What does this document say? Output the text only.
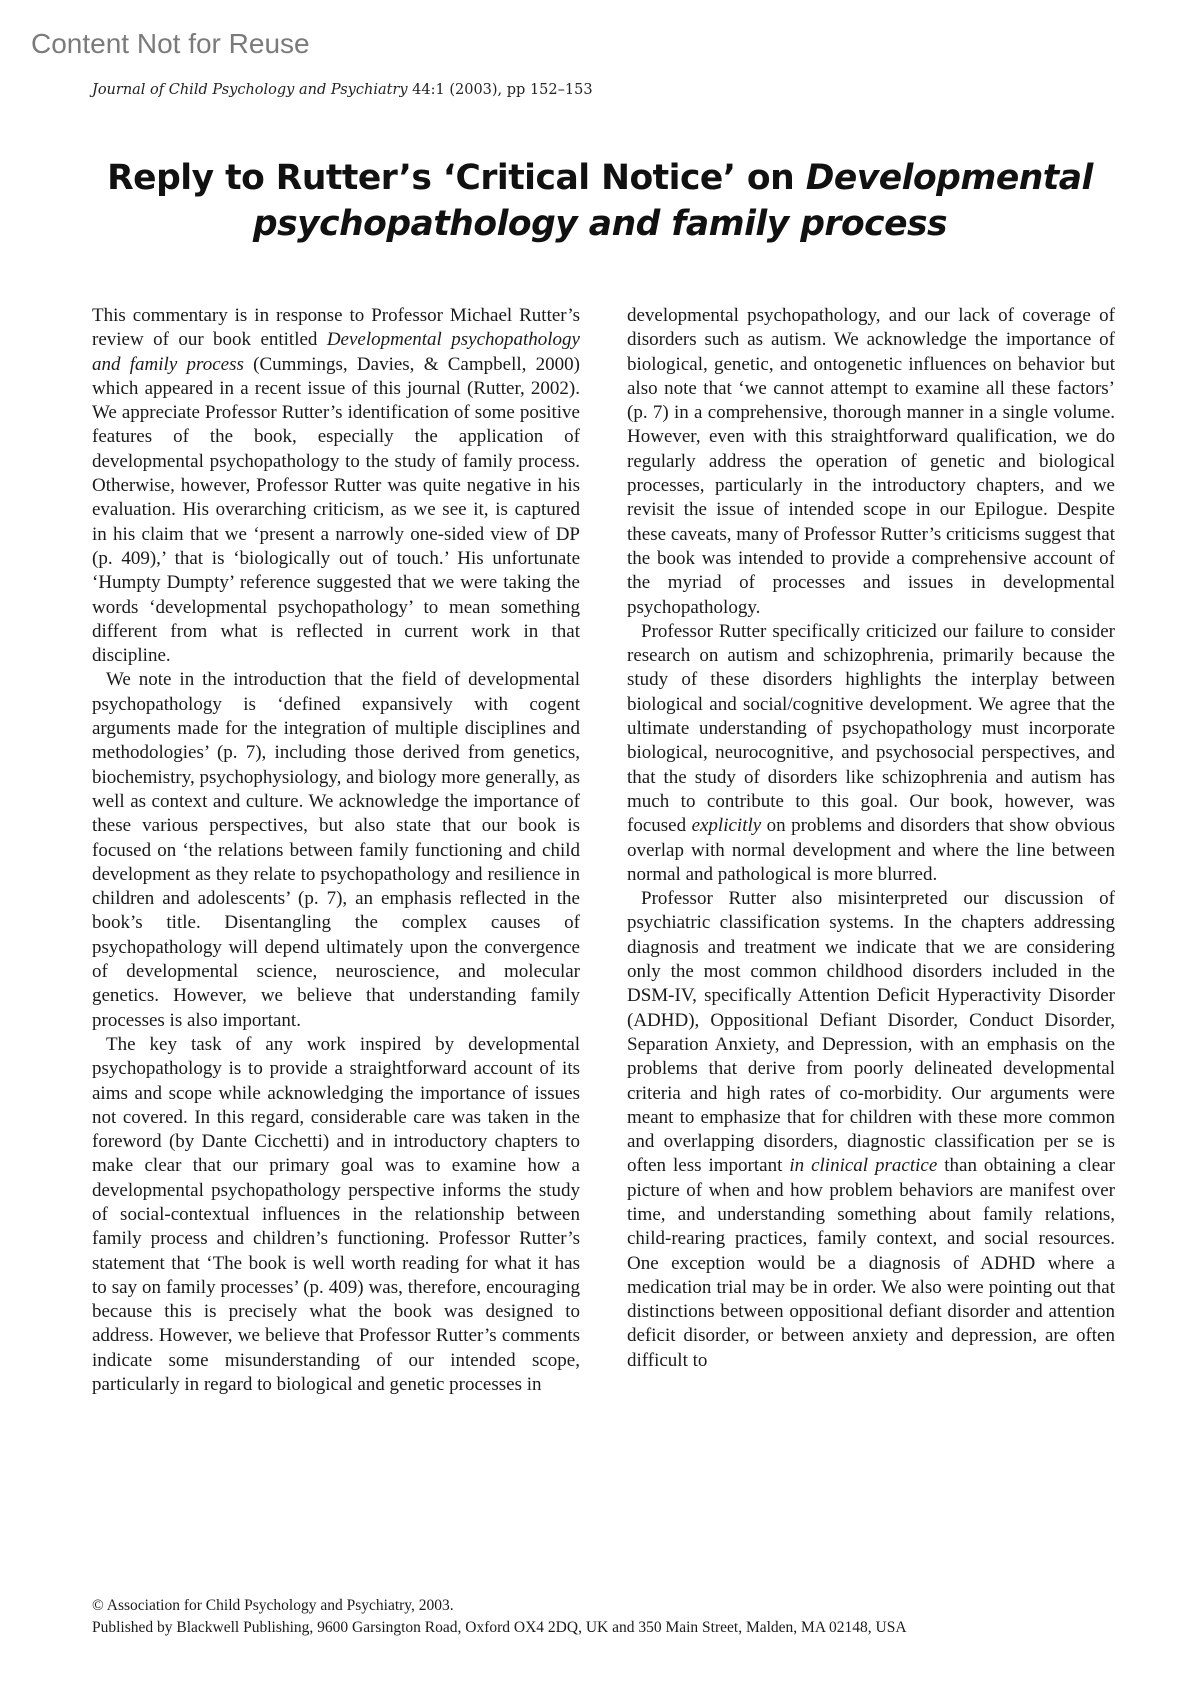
Content Not for Reuse
Journal of Child Psychology and Psychiatry 44:1 (2003), pp 152–153
Reply to Rutter’s ‘Critical Notice’ on Developmental psychopathology and family process

This commentary is in response to Professor Michael Rutter’s review of our book entitled Developmental psychopathology and family process (Cummings, Davies, & Campbell, 2000) which appeared in a recent issue of this journal (Rutter, 2002). We appreciate Professor Rutter’s identification of some positive features of the book, especially the application of developmental psychopathology to the study of family process. Otherwise, however, Professor Rutter was quite negative in his evaluation. His overarching criticism, as we see it, is captured in his claim that we ‘present a narrowly one-sided view of DP (p. 409),’ that is ‘biologically out of touch.’ His unfortunate ‘Humpty Dumpty’ reference suggested that we were taking the words ‘developmental psychopathology’ to mean something different from what is reflected in current work in that discipline.

We note in the introduction that the field of developmental psychopathology is ‘defined expansively with cogent arguments made for the integration of multiple disciplines and methodologies’ (p. 7), including those derived from genetics, biochemistry, psychophysiology, and biology more generally, as well as context and culture. We acknowledge the importance of these various perspectives, but also state that our book is focused on ‘the relations between family functioning and child development as they relate to psychopathology and resilience in children and adolescents’ (p. 7), an emphasis reflected in the book’s title. Disentangling the complex causes of psychopathology will depend ultimately upon the convergence of developmental science, neuroscience, and molecular genetics. However, we believe that understanding family processes is also important.

The key task of any work inspired by developmental psychopathology is to provide a straightforward account of its aims and scope while acknowledging the importance of issues not covered. In this regard, considerable care was taken in the foreword (by Dante Cicchetti) and in introductory chapters to make clear that our primary goal was to examine how a developmental psychopathology perspective informs the study of social-contextual influences in the relationship between family process and children’s functioning. Professor Rutter’s statement that ‘The book is well worth reading for what it has to say on family processes’ (p. 409) was, therefore, encouraging because this is precisely what the book was designed to address. However, we believe that Professor Rutter’s comments indicate some misunderstanding of our intended scope, particularly in regard to biological and genetic processes in

developmental psychopathology, and our lack of coverage of disorders such as autism. We acknowledge the importance of biological, genetic, and ontogenetic influences on behavior but also note that ‘we cannot attempt to examine all these factors’ (p. 7) in a comprehensive, thorough manner in a single volume. However, even with this straightforward qualification, we do regularly address the operation of genetic and biological processes, particularly in the introductory chapters, and we revisit the issue of intended scope in our Epilogue. Despite these caveats, many of Professor Rutter’s criticisms suggest that the book was intended to provide a comprehensive account of the myriad of processes and issues in developmental psychopathology.

Professor Rutter specifically criticized our failure to consider research on autism and schizophrenia, primarily because the study of these disorders highlights the interplay between biological and social/cognitive development. We agree that the ultimate understanding of psychopathology must incorporate biological, neurocognitive, and psychosocial perspectives, and that the study of disorders like schizophrenia and autism has much to contribute to this goal. Our book, however, was focused explicitly on problems and disorders that show obvious overlap with normal development and where the line between normal and pathological is more blurred.

Professor Rutter also misinterpreted our discussion of psychiatric classification systems. In the chapters addressing diagnosis and treatment we indicate that we are considering only the most common childhood disorders included in the DSM-IV, specifically Attention Deficit Hyperactivity Disorder (ADHD), Oppositional Defiant Disorder, Conduct Disorder, Separation Anxiety, and Depression, with an emphasis on the problems that derive from poorly delineated developmental criteria and high rates of co-morbidity. Our arguments were meant to emphasize that for children with these more common and overlapping disorders, diagnostic classification per se is often less important in clinical practice than obtaining a clear picture of when and how problem behaviors are manifest over time, and understanding something about family relations, child-rearing practices, family context, and social resources. One exception would be a diagnosis of ADHD where a medication trial may be in order. We also were pointing out that distinctions between oppositional defiant disorder and attention deficit disorder, or between anxiety and depression, are often difficult to

© Association for Child Psychology and Psychiatry, 2003.
Published by Blackwell Publishing, 9600 Garsington Road, Oxford OX4 2DQ, UK and 350 Main Street, Malden, MA 02148, USA
